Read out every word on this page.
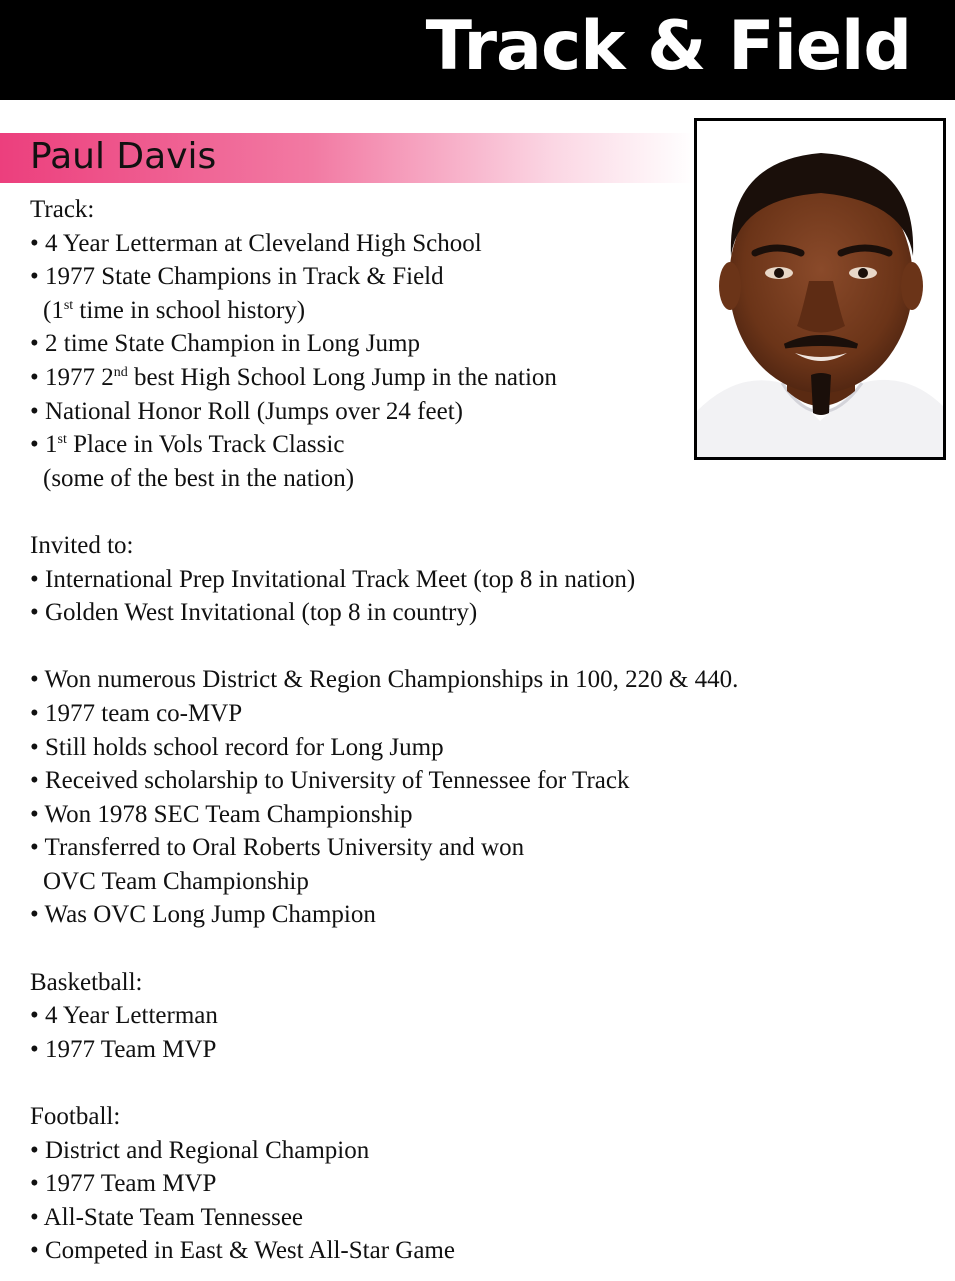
Track & Field
Paul Davis
Track:
• 4 Year Letterman at Cleveland High School
• 1977 State Champions in Track & Field
(1st time in school history)
• 2 time State Champion in Long Jump
• 1977 2nd best High School Long Jump in the nation
• National Honor Roll (Jumps over 24 feet)
• 1st Place in Vols Track Classic
(some of the best in the nation)
Invited to:
• International Prep Invitational Track Meet (top 8 in nation)
• Golden West Invitational (top 8 in country)
• Won numerous District & Region Championships in 100, 220 & 440.
• 1977 team co-MVP
• Still holds school record for Long Jump
• Received scholarship to University of Tennessee for Track
• Won 1978 SEC Team Championship
• Transferred to Oral Roberts University and won
OVC Team Championship
• Was OVC Long Jump Champion
Basketball:
• 4 Year Letterman
• 1977 Team MVP
Football:
• District and Regional Champion
• 1977 Team MVP
• All-State Team Tennessee
• Competed in East & West All-Star Game
